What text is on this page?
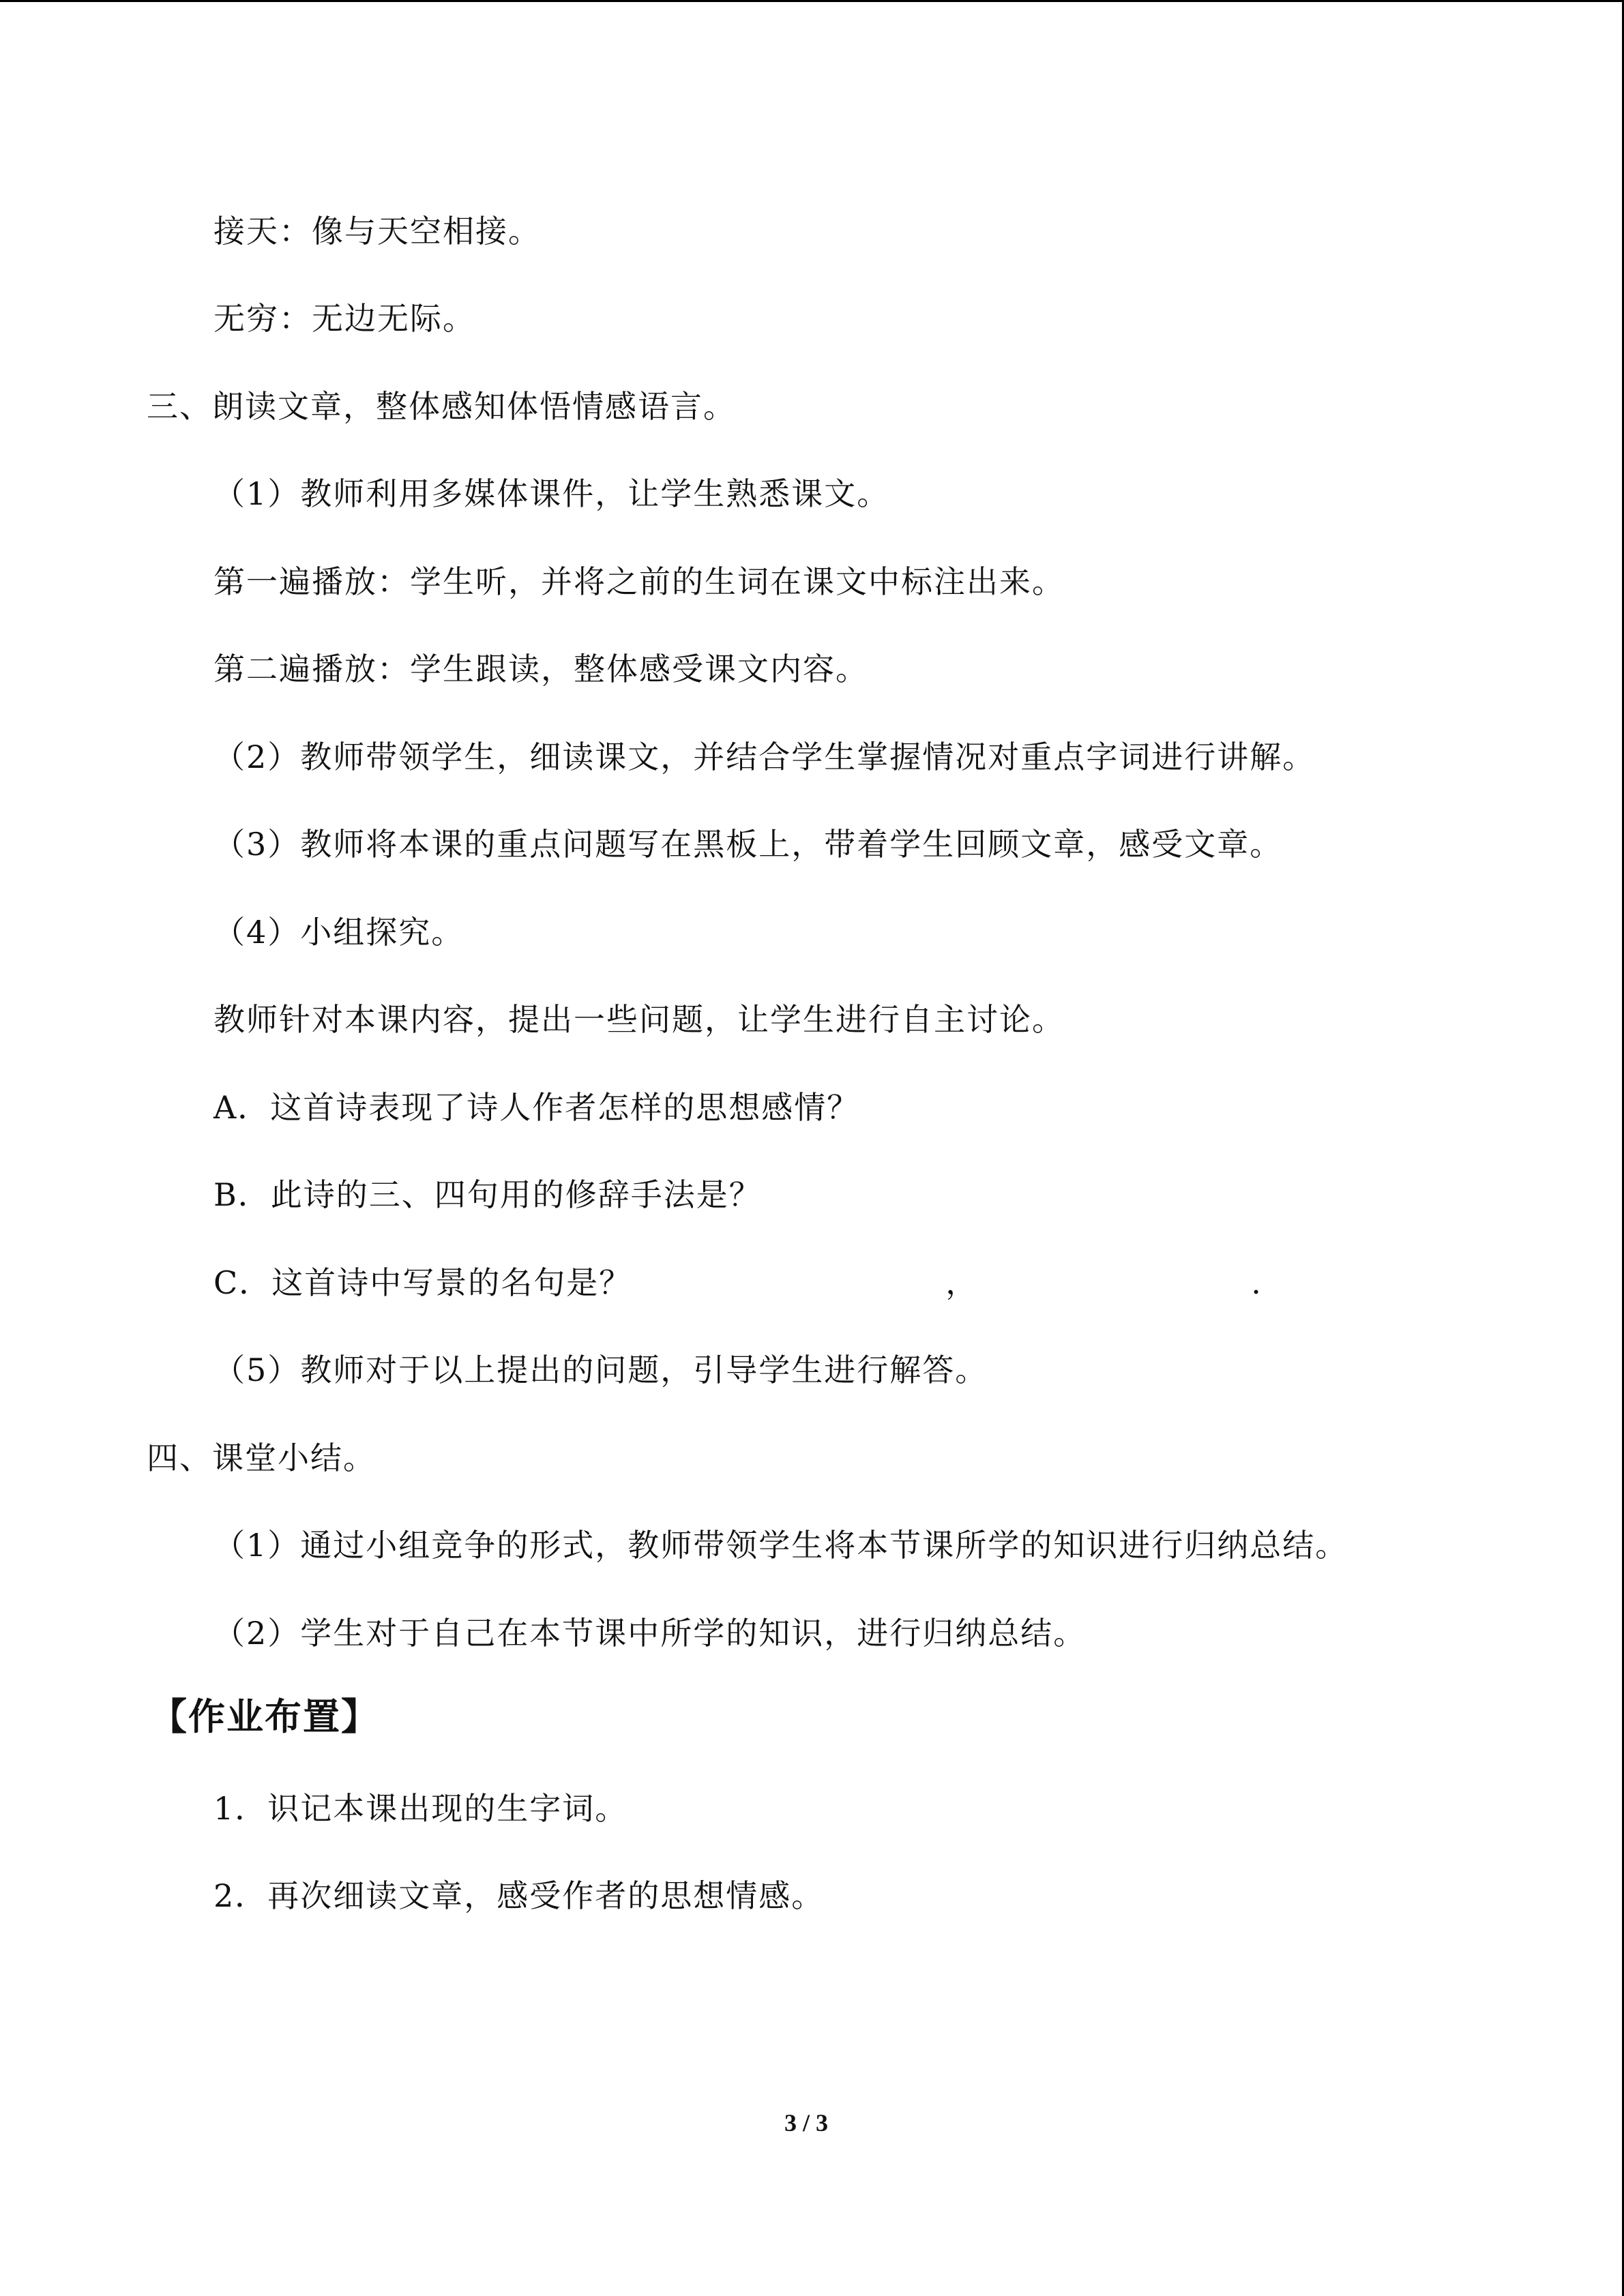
接天：像与天空相接。
无穷：无边无际。
三、朗读文章，整体感知体悟情感语言。
（1）教师利用多媒体课件，让学生熟悉课文。
第一遍播放：学生听，并将之前的生词在课文中标注出来。
第二遍播放：学生跟读，整体感受课文内容。
（2）教师带领学生，细读课文，并结合学生掌握情况对重点字词进行讲解。
（3）教师将本课的重点问题写在黑板上，带着学生回顾文章，感受文章。
（4）小组探究。
教师针对本课内容，提出一些问题，让学生进行自主讨论。
A．这首诗表现了诗人作者怎样的思想感情？
B．此诗的三、四句用的修辞手法是？
C．这首诗中写景的名句是？	，	.
（5）教师对于以上提出的问题，引导学生进行解答。
四、课堂小结。
（1）通过小组竞争的形式，教师带领学生将本节课所学的知识进行归纳总结。
（2）学生对于自己在本节课中所学的知识，进行归纳总结。
【作业布置】
1．识记本课出现的生字词。
2．再次细读文章，感受作者的思想情感。
3 / 3
